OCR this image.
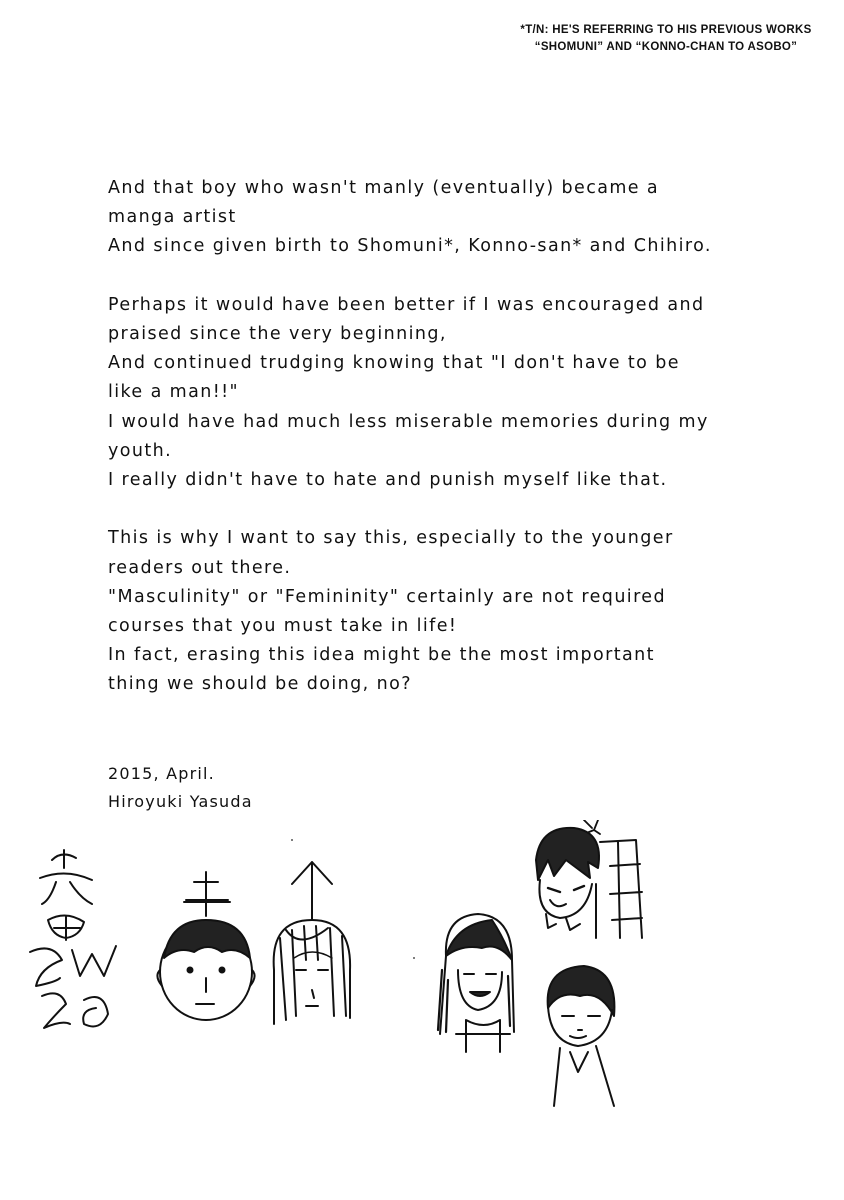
*T/N: HE'S REFERRING TO HIS PREVIOUS WORKS
“SHOMUNI” AND “KONNO-CHAN TO ASOBO”

And that boy who wasn't manly (eventually) became a
manga artist
And since given birth to Shomuni*, Konno-san* and Chihiro.

Perhaps it would have been better if I was encouraged and
praised since the very beginning,
And continued trudging knowing that "I don't have to be
like a man!!"
I would have had much less miserable memories during my
youth.
I really didn't have to hate and punish myself like that.

This is why I want to say this, especially to the younger
readers out there.
"Masculinity" or "Femininity" certainly are not required
courses that you must take in life!
In fact, erasing this idea might be the most important
thing we should be doing, no?

2015, April.
Hiroyuki Yasuda
